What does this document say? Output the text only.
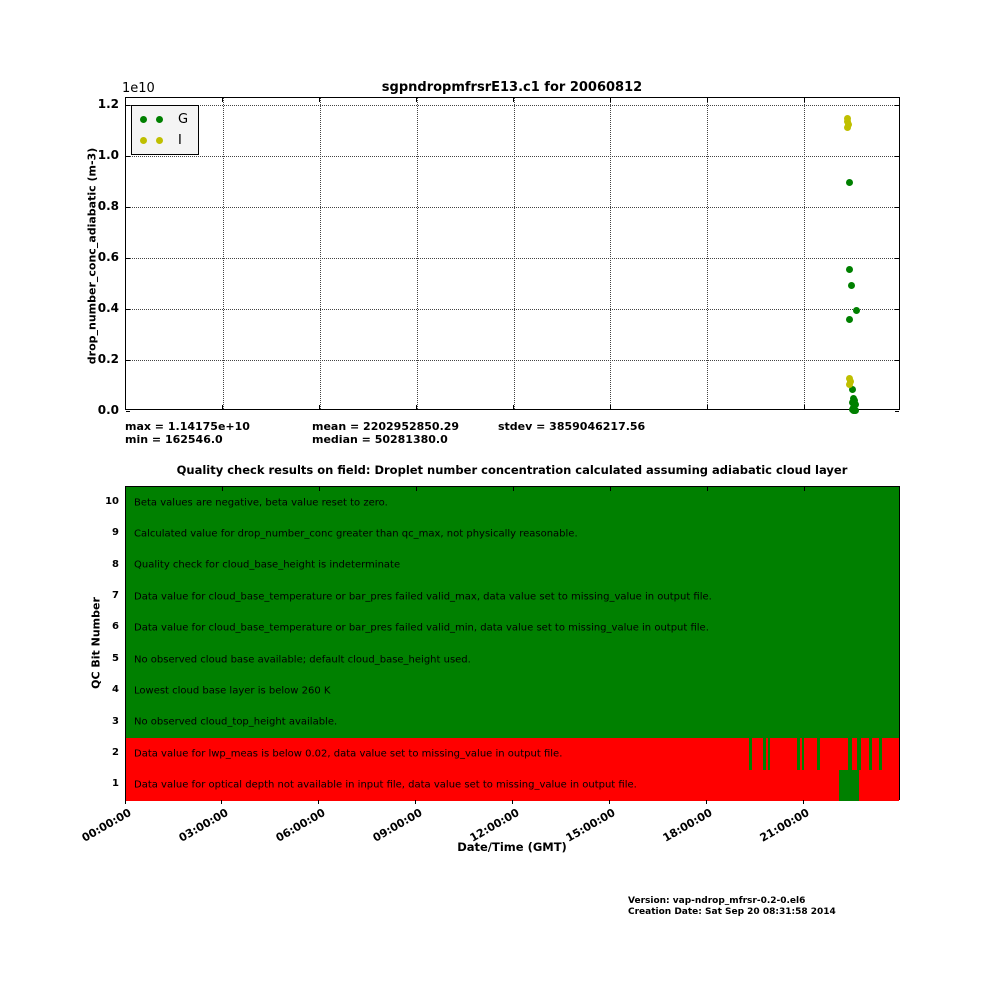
sgpndropmfrsrE13.c1 for 20060812
1e10
drop_number_conc_adiabatic (m-3)
1.2
1.0
0.8
0.6
0.4
0.2
0.0
G
I
max = 1.14175e+10	mean = 2202952850.29	stdev = 3859046217.56
min = 162546.0	median = 50281380.0
Quality check results on field: Droplet number concentration calculated assuming adiabatic cloud layer
QC Bit Number
Beta values are negative, beta value reset to zero.
Calculated value for drop_number_conc greater than qc_max, not physically reasonable.
Quality check for cloud_base_height is indeterminate
Data value for cloud_base_temperature or bar_pres failed valid_max, data value set to missing_value in output file.
Data value for cloud_base_temperature or bar_pres failed valid_min, data value set to missing_value in output file.
No observed cloud base available; default cloud_base_height used.
Lowest cloud base layer is below 260 K
No observed cloud_top_height available.
Data value for lwp_meas is below 0.02, data value set to missing_value in output file.
Data value for optical depth not available in input file, data value set to missing_value in output file.
10
9
8
7
6
5
4
3
2
1
00:00:00	03:00:00	06:00:00	09:00:00	12:00:00	15:00:00	18:00:00	21:00:00
Date/Time (GMT)
Version: vap-ndrop_mfrsr-0.2-0.el6
Creation Date: Sat Sep 20 08:31:58 2014
